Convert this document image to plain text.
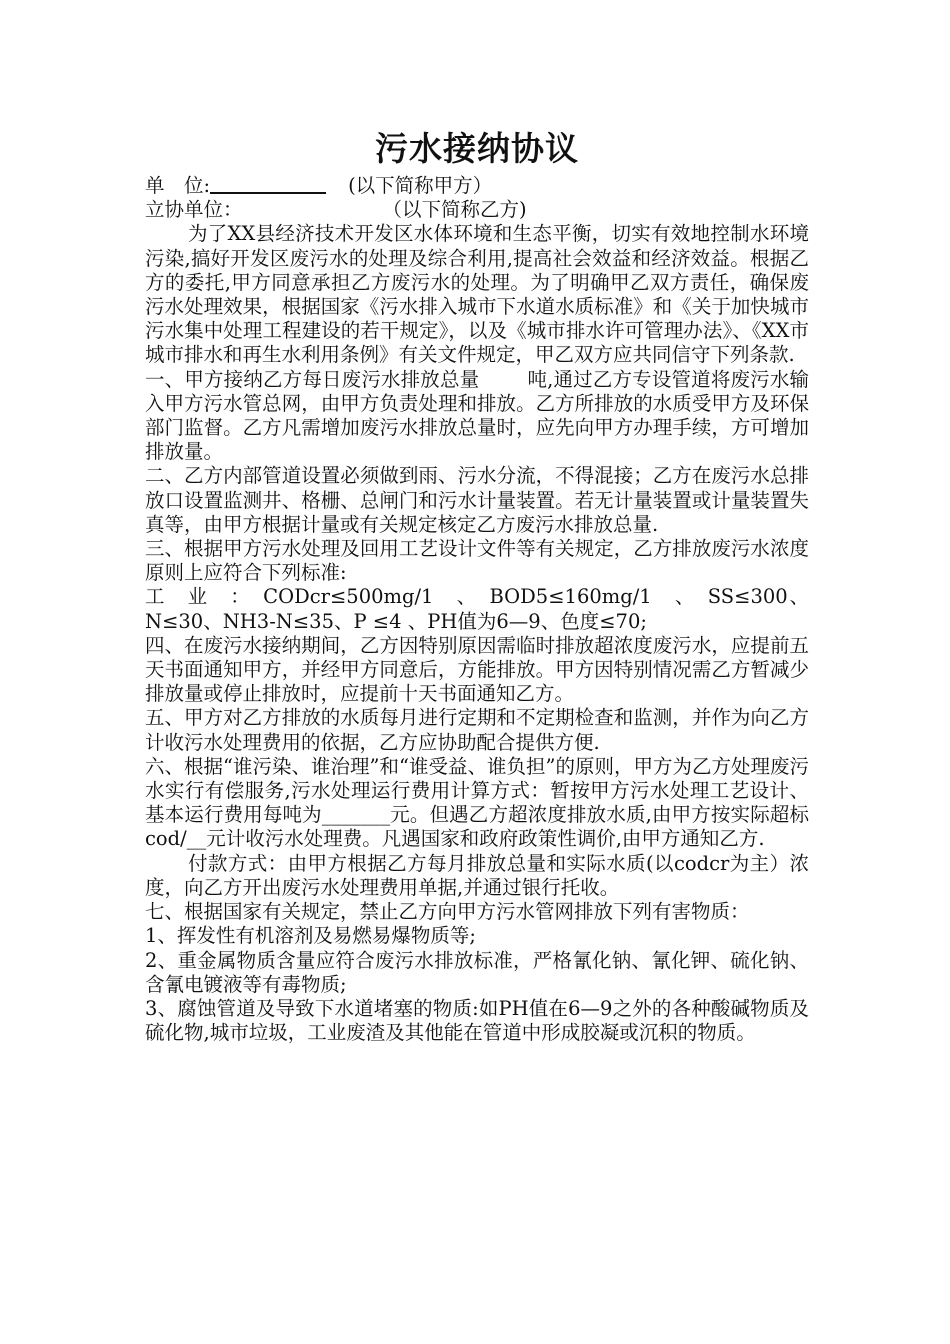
污水接纳协议
单　位:	(以下简称甲方）
立协单位：	（以下简称乙方)

为了XX县经济技术开发区水体环境和生态平衡，切实有效地控制水环境污染,搞好开发区废污水的处理及综合利用,提高社会效益和经济效益。根据乙方的委托,甲方同意承担乙方废污水的处理。为了明确甲乙双方责任，确保废污水处理效果，根据国家《污水排入城市下水道水质标准》和《关于加快城市污水集中处理工程建设的若干规定》，以及《城市排水许可管理办法》、《XX市城市排水和再生水利用条例》有关文件规定，甲乙双方应共同信守下列条款.

一、甲方接纳乙方每日废污水排放总量 吨,通过乙方专设管道将废污水输入甲方污水管总网，由甲方负责处理和排放。乙方所排放的水质受甲方及环保部门监督。乙方凡需增加废污水排放总量时，应先向甲方办理手续，方可增加排放量。

二、乙方内部管道设置必须做到雨、污水分流，不得混接；乙方在废污水总排放口设置监测井、格栅、总闸门和污水计量装置。若无计量装置或计量装置失真等，由甲方根据计量或有关规定核定乙方废污水排放总量.

三、根据甲方污水处理及回用工艺设计文件等有关规定，乙方排放废污水浓度原则上应符合下列标准:

工　业　：　CODcr≤500mg/1　、　BOD5≤160mg/1　、　SS≤300、N≤30、NH3-N≤35、P ≤4 、PH值为6—9、色度≤70;

四、在废污水接纳期间，乙方因特别原因需临时排放超浓度废污水，应提前五天书面通知甲方，并经甲方同意后，方能排放。甲方因特别情况需乙方暂减少排放量或停止排放时，应提前十天书面通知乙方。

五、甲方对乙方排放的水质每月进行定期和不定期检查和监测，并作为向乙方计收污水处理费用的依据，乙方应协助配合提供方便.

六、根据“谁污染、谁治理”和“谁受益、谁负担”的原则，甲方为乙方处理废污水实行有偿服务,污水处理运行费用计算方式：暂按甲方污水处理工艺设计、基本运行费用每吨为_______元。但遇乙方超浓度排放水质,由甲方按实际超标cod/__元计收污水处理费。凡遇国家和政府政策性调价,由甲方通知乙方.

付款方式：由甲方根据乙方每月排放总量和实际水质(以codcr为主）浓度，向乙方开出废污水处理费用单据,并通过银行托收。

七、根据国家有关规定，禁止乙方向甲方污水管网排放下列有害物质：

1、挥发性有机溶剂及易燃易爆物质等;

2、重金属物质含量应符合废污水排放标准，严格氰化钠、氰化钾、硫化钠、含氰电镀液等有毒物质;

3、腐蚀管道及导致下水道堵塞的物质:如PH值在6—9之外的各种酸碱物质及硫化物,城市垃圾，工业废渣及其他能在管道中形成胶凝或沉积的物质。
